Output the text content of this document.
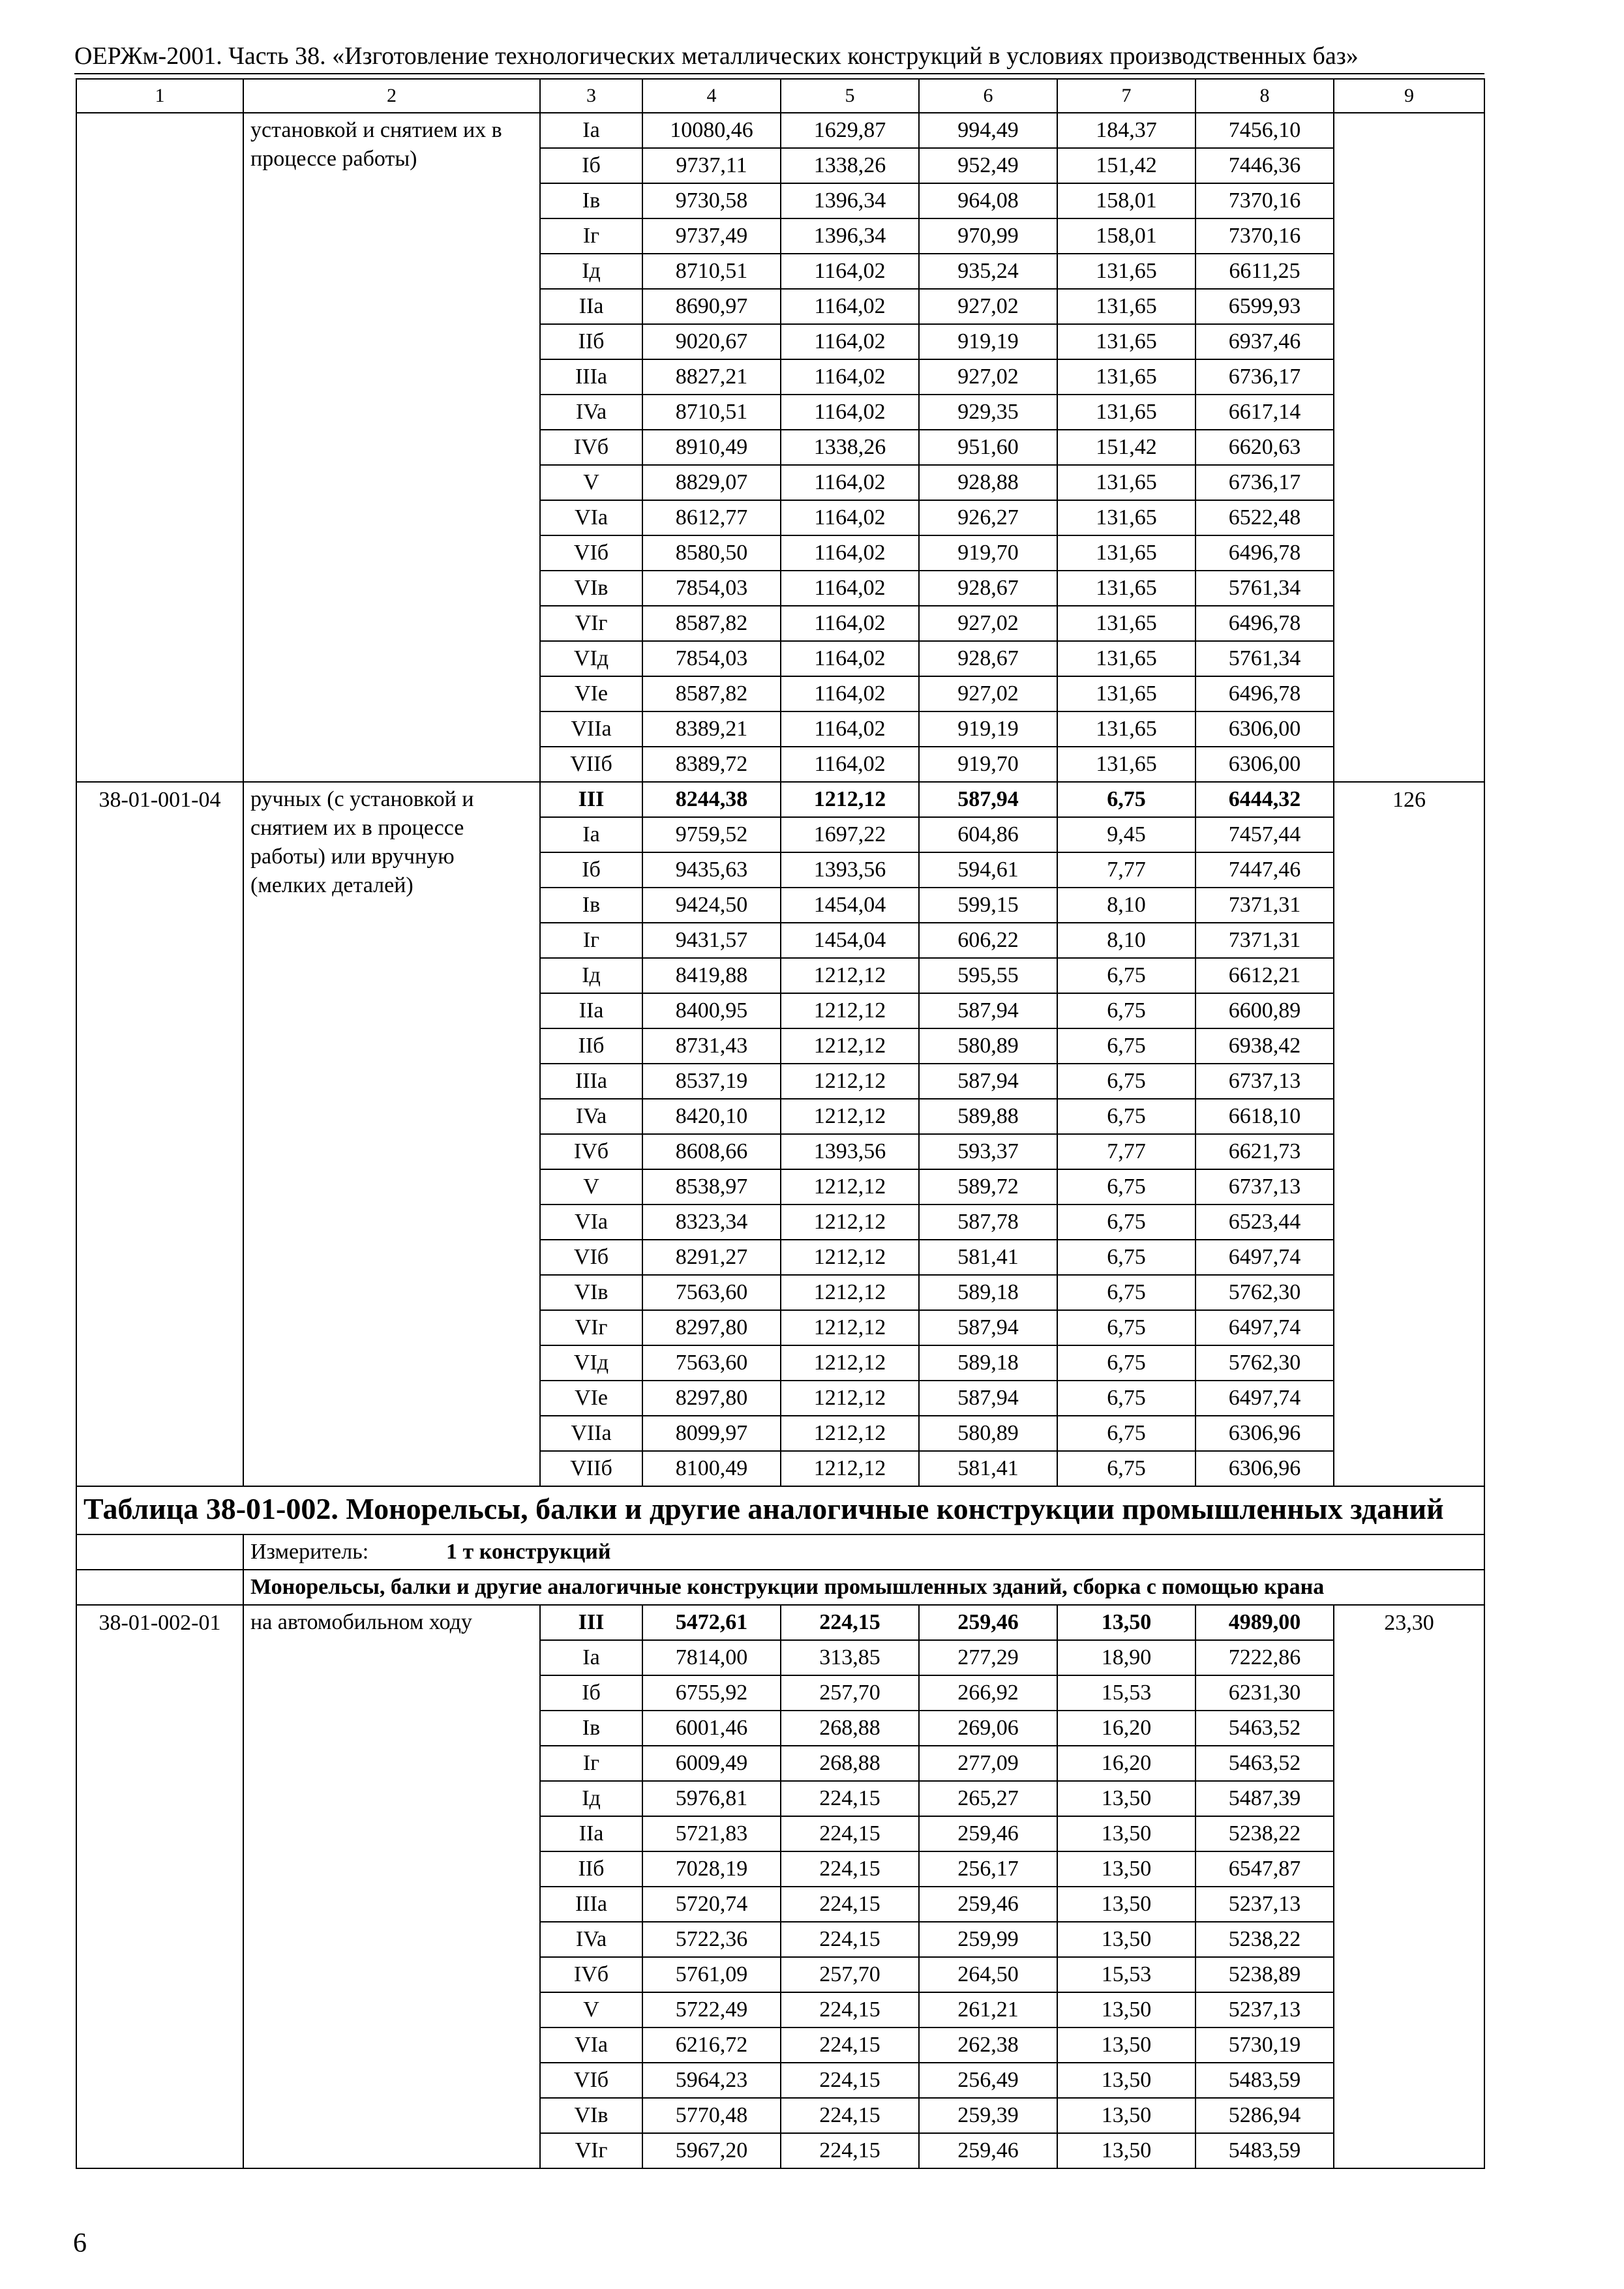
ОЕРЖм-2001. Часть 38. «Изготовление технологических металлических конструкций в условиях производственных баз»
1	2	3	4	5	6	7	8	9
	установкой и снятием их в процессе работы)	Ia	10080,46	1629,87	994,49	184,37	7456,10	
		Iб	9737,11	1338,26	952,49	151,42	7446,36	
		Iв	9730,58	1396,34	964,08	158,01	7370,16	
		Iг	9737,49	1396,34	970,99	158,01	7370,16	
		Iд	8710,51	1164,02	935,24	131,65	6611,25	
		IIa	8690,97	1164,02	927,02	131,65	6599,93	
		IIб	9020,67	1164,02	919,19	131,65	6937,46	
		IIIa	8827,21	1164,02	927,02	131,65	6736,17	
		IVa	8710,51	1164,02	929,35	131,65	6617,14	
		IVб	8910,49	1338,26	951,60	151,42	6620,63	
		V	8829,07	1164,02	928,88	131,65	6736,17	
		VIa	8612,77	1164,02	926,27	131,65	6522,48	
		VIб	8580,50	1164,02	919,70	131,65	6496,78	
		VIв	7854,03	1164,02	928,67	131,65	5761,34	
		VIг	8587,82	1164,02	927,02	131,65	6496,78	
		VIд	7854,03	1164,02	928,67	131,65	5761,34	
		VIe	8587,82	1164,02	927,02	131,65	6496,78	
		VIIa	8389,21	1164,02	919,19	131,65	6306,00	
		VIIб	8389,72	1164,02	919,70	131,65	6306,00	
38-01-001-04	ручных (с установкой и снятием их в процессе работы) или вручную (мелких деталей)	III	8244,38	1212,12	587,94	6,75	6444,32	126
		Ia	9759,52	1697,22	604,86	9,45	7457,44	
		Iб	9435,63	1393,56	594,61	7,77	7447,46	
		Iв	9424,50	1454,04	599,15	8,10	7371,31	
		Iг	9431,57	1454,04	606,22	8,10	7371,31	
		Iд	8419,88	1212,12	595,55	6,75	6612,21	
		IIa	8400,95	1212,12	587,94	6,75	6600,89	
		IIб	8731,43	1212,12	580,89	6,75	6938,42	
		IIIa	8537,19	1212,12	587,94	6,75	6737,13	
		IVa	8420,10	1212,12	589,88	6,75	6618,10	
		IVб	8608,66	1393,56	593,37	7,77	6621,73	
		V	8538,97	1212,12	589,72	6,75	6737,13	
		VIa	8323,34	1212,12	587,78	6,75	6523,44	
		VIб	8291,27	1212,12	581,41	6,75	6497,74	
		VIв	7563,60	1212,12	589,18	6,75	5762,30	
		VIг	8297,80	1212,12	587,94	6,75	6497,74	
		VIд	7563,60	1212,12	589,18	6,75	5762,30	
		VIe	8297,80	1212,12	587,94	6,75	6497,74	
		VIIa	8099,97	1212,12	580,89	6,75	6306,96	
		VIIб	8100,49	1212,12	581,41	6,75	6306,96	
Таблица 38-01-002. Монорельсы, балки и другие аналогичные конструкции промышленных зданий								
	Измеритель: 1 т конструкций							
	Монорельсы, балки и другие аналогичные конструкции промышленных зданий, сборка с помощью крана							
38-01-002-01	на автомобильном ходу	III	5472,61	224,15	259,46	13,50	4989,00	23,30
		Ia	7814,00	313,85	277,29	18,90	7222,86	
		Iб	6755,92	257,70	266,92	15,53	6231,30	
		Iв	6001,46	268,88	269,06	16,20	5463,52	
		Iг	6009,49	268,88	277,09	16,20	5463,52	
		Iд	5976,81	224,15	265,27	13,50	5487,39	
		IIa	5721,83	224,15	259,46	13,50	5238,22	
		IIб	7028,19	224,15	256,17	13,50	6547,87	
		IIIa	5720,74	224,15	259,46	13,50	5237,13	
		IVa	5722,36	224,15	259,99	13,50	5238,22	
		IVб	5761,09	257,70	264,50	15,53	5238,89	
		V	5722,49	224,15	261,21	13,50	5237,13	
		VIa	6216,72	224,15	262,38	13,50	5730,19	
		VIб	5964,23	224,15	256,49	13,50	5483,59	
		VIв	5770,48	224,15	259,39	13,50	5286,94	
		VIг	5967,20	224,15	259,46	13,50	5483,59	
6
